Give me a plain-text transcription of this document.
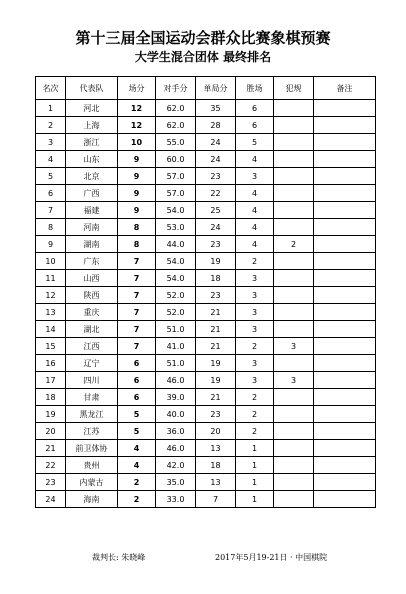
第十三届全国运动会群众比赛象棋预赛
大学生混合团体 最终排名
名次	代表队	场分	对手分	单局分	胜场	犯规	备注
1	河北	12	62.0	35	6		
2	上海	12	62.0	28	6		
3	浙江	10	55.0	24	5		
4	山东	9	60.0	24	4		
5	北京	9	57.0	23	3		
6	广西	9	57.0	22	4		
7	福建	9	54.0	25	4		
8	河南	8	53.0	24	4		
9	湖南	8	44.0	23	4	2	
10	广东	7	54.0	19	2		
11	山西	7	54.0	18	3		
12	陕西	7	52.0	23	3		
13	重庆	7	52.0	21	3		
14	湖北	7	51.0	21	3		
15	江西	7	41.0	21	2	3	
16	辽宁	6	51.0	19	3		
17	四川	6	46.0	19	3	3	
18	甘肃	6	39.0	21	2		
19	黑龙江	5	40.0	23	2		
20	江苏	5	36.0	20	2		
21	前卫体协	4	46.0	13	1		
22	贵州	4	42.0	18	1		
23	内蒙古	2	35.0	13	1		
24	海南	2	33.0	7	1		
裁判长: 朱晓峰	2017年5月19-21日 · 中国棋院
